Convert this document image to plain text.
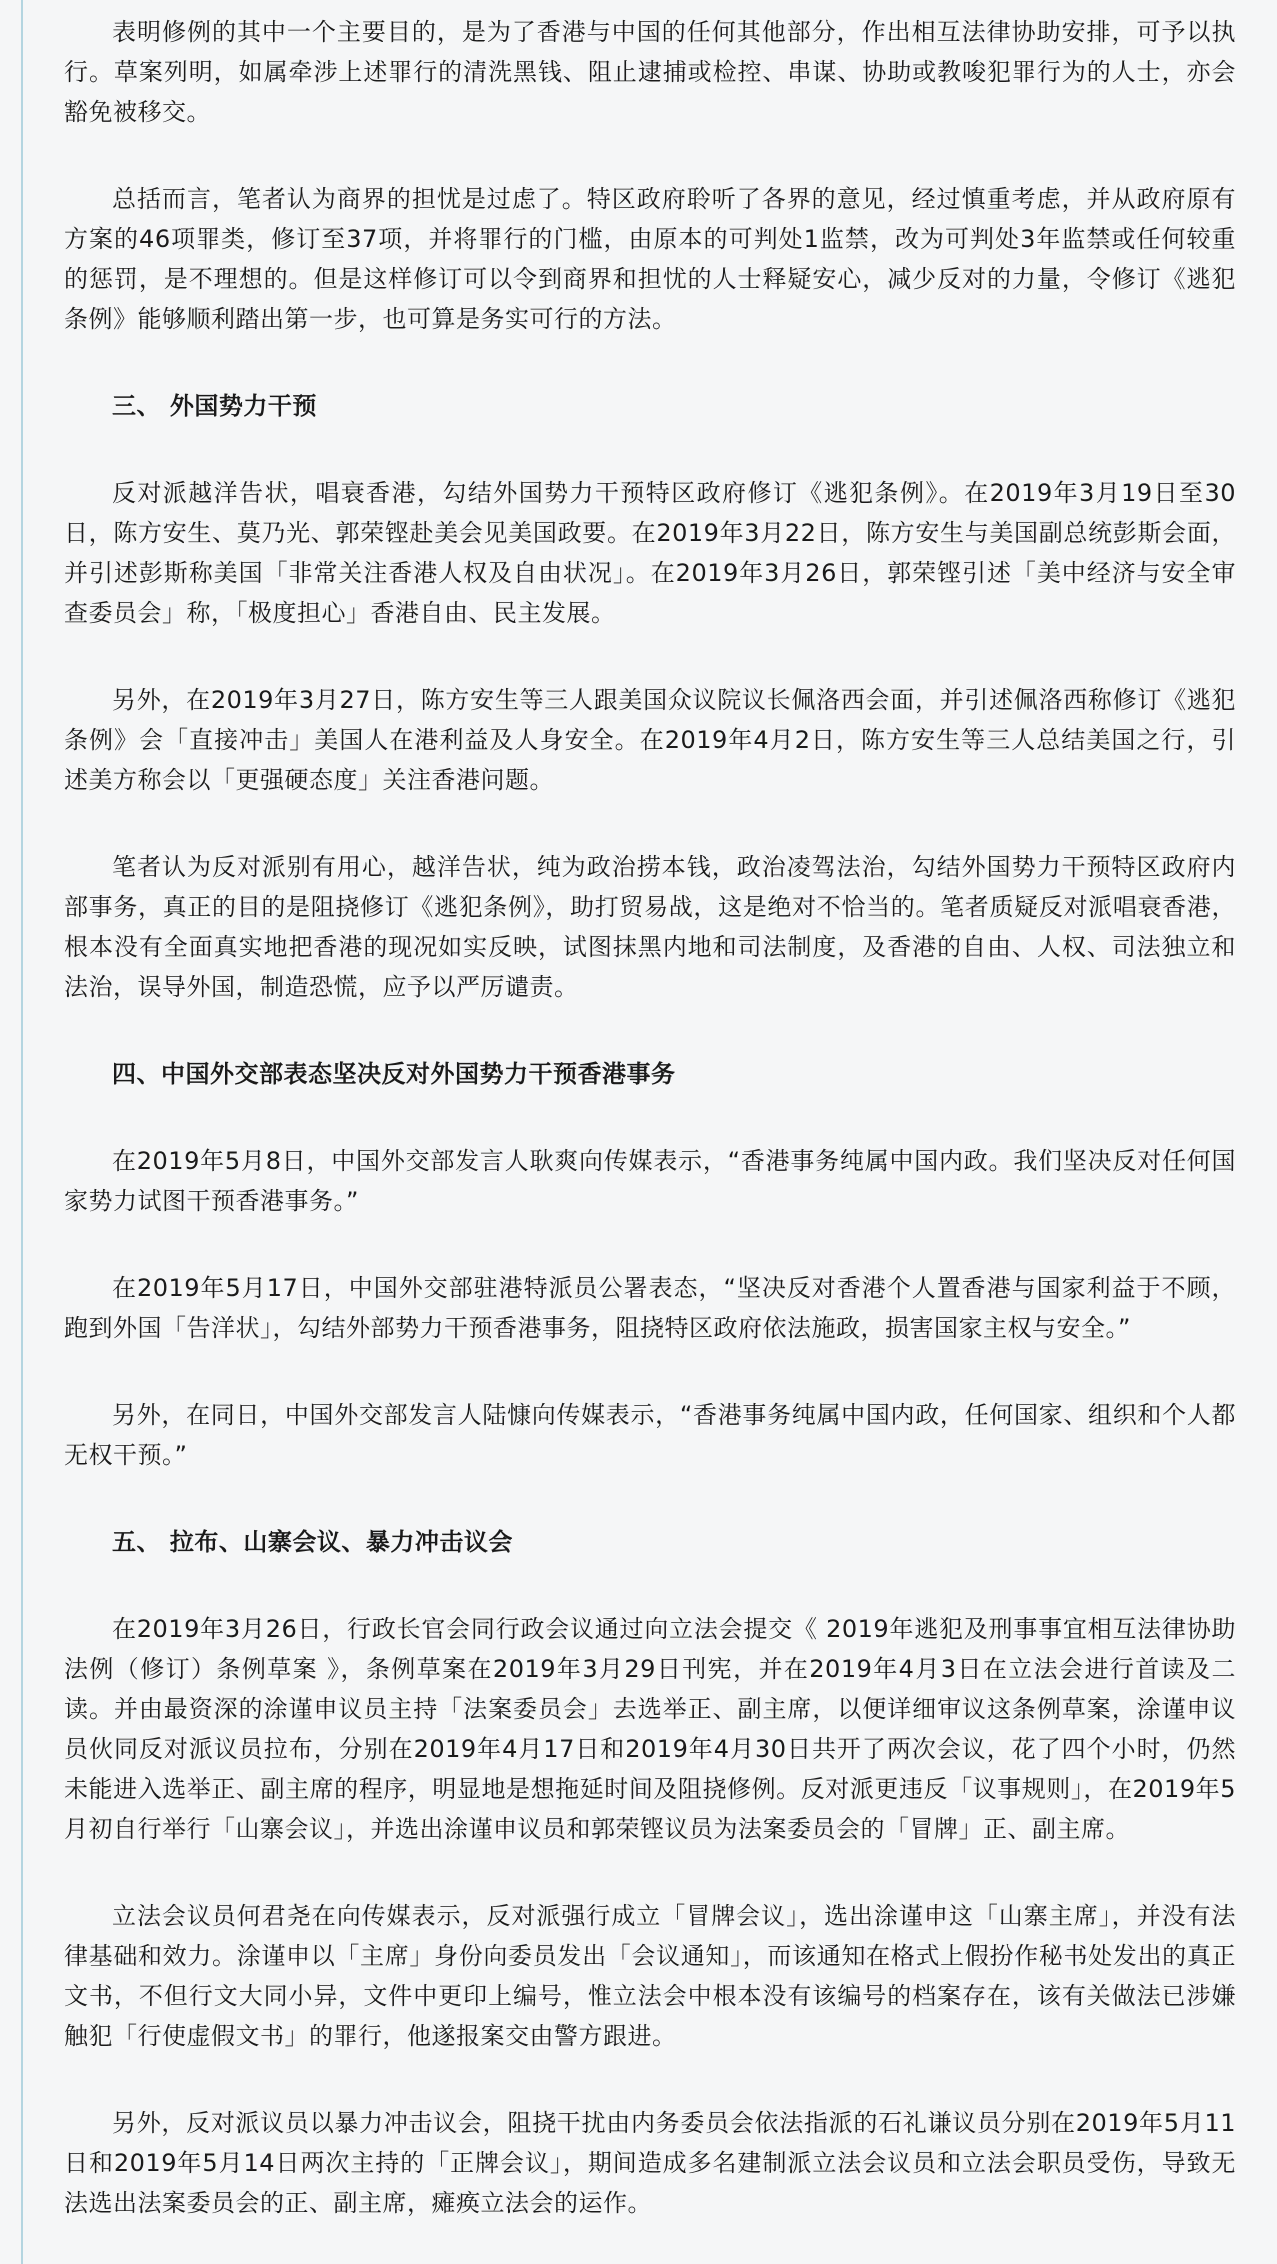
表明修例的其中一个主要目的，是为了香港与中国的任何其他部分，作出相互法律协助安排，可予以执行。草案列明，如属牵涉上述罪行的清洗黑钱、阻止逮捕或检控、串谋、协助或教唆犯罪行为的人士，亦会豁免被移交。

总括而言，笔者认为商界的担忧是过虑了。特区政府聆听了各界的意见，经过慎重考虑，并从政府原有方案的46项罪类，修订至37项，并将罪行的门槛，由原本的可判处1监禁，改为可判处3年监禁或任何较重的惩罚，是不理想的。但是这样修订可以令到商界和担忧的人士释疑安心，减少反对的力量，令修订《逃犯条例》能够顺利踏出第一步，也可算是务实可行的方法。

三、 外国势力干预

反对派越洋告状，唱衰香港，勾结外国势力干预特区政府修订《逃犯条例》。在2019年3月19日至30日，陈方安生、莫乃光、郭荣铿赴美会见美国政要。在2019年3月22日，陈方安生与美国副总统彭斯会面，并引述彭斯称美国「非常关注香港人权及自由状况」。在2019年3月26日，郭荣铿引述「美中经济与安全审查委员会」称，「极度担心」香港自由、民主发展。

另外，在2019年3月27日，陈方安生等三人跟美国众议院议长佩洛西会面，并引述佩洛西称修订《逃犯条例》会「直接冲击」美国人在港利益及人身安全。在2019年4月2日，陈方安生等三人总结美国之行，引述美方称会以「更强硬态度」关注香港问题。

笔者认为反对派别有用心，越洋告状，纯为政治捞本钱，政治凌驾法治，勾结外国势力干预特区政府内部事务，真正的目的是阻挠修订《逃犯条例》，助打贸易战，这是绝对不恰当的。笔者质疑反对派唱衰香港，根本没有全面真实地把香港的现况如实反映，试图抹黑内地和司法制度，及香港的自由、人权、司法独立和法治，误导外国，制造恐慌，应予以严厉谴责。

四、中国外交部表态坚决反对外国势力干预香港事务

在2019年5月8日，中国外交部发言人耿爽向传媒表示，“香港事务纯属中国内政。我们坚决反对任何国家势力试图干预香港事务。”

在2019年5月17日，中国外交部驻港特派员公署表态，“坚决反对香港个人置香港与国家利益于不顾，跑到外国「告洋状」，勾结外部势力干预香港事务，阻挠特区政府依法施政，损害国家主权与安全。”

另外，在同日，中国外交部发言人陆慷向传媒表示，“香港事务纯属中国内政，任何国家、组织和个人都无权干预。”

五、 拉布、山寨会议、暴力冲击议会

在2019年3月26日，行政长官会同行政会议通过向立法会提交《 2019年逃犯及刑事事宜相互法律协助法例（修订）条例草案 》，条例草案在2019年3月29日刊宪，并在2019年4月3日在立法会进行首读及二读。并由最资深的涂谨申议员主持「法案委员会」去选举正、副主席，以便详细审议这条例草案，涂谨申议员伙同反对派议员拉布，分别在2019年4月17日和2019年4月30日共开了两次会议，花了四个小时，仍然未能进入选举正、副主席的程序，明显地是想拖延时间及阻挠修例。反对派更违反「议事规则」，在2019年5月初自行举行「山寨会议」，并选出涂谨申议员和郭荣铿议员为法案委员会的「冒牌」正、副主席。

立法会议员何君尧在向传媒表示，反对派强行成立「冒牌会议」，选出涂谨申这「山寨主席」，并没有法律基础和效力。涂谨申以「主席」身份向委员发出「会议通知」，而该通知在格式上假扮作秘书处发出的真正文书，不但行文大同小异，文件中更印上编号，惟立法会中根本没有该编号的档案存在，该有关做法已涉嫌触犯「行使虚假文书」的罪行，他遂报案交由警方跟进。

另外，反对派议员以暴力冲击议会，阻挠干扰由内务委员会依法指派的石礼谦议员分别在2019年5月11日和2019年5月14日两次主持的「正牌会议」，期间造成多名建制派立法会议员和立法会职员受伤，导致无法选出法案委员会的正、副主席，瘫痪立法会的运作。
